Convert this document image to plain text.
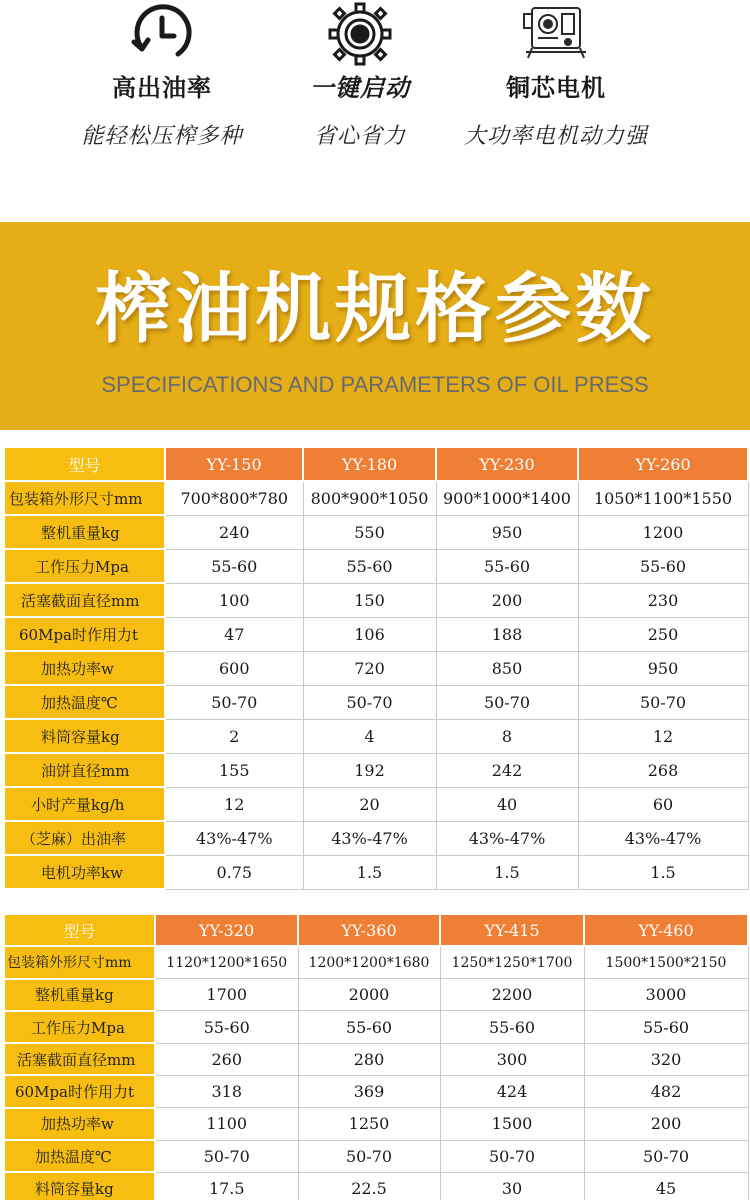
高出油率
能轻松压榨多种
一键启动
省心省力
铜芯电机
大功率电机动力强
榨油机规格参数
SPECIFICATIONS AND PARAMETERS OF OIL PRESS
型号	YY-150	YY-180	YY-230	YY-260
包装箱外形尺寸mm	700*800*780	800*900*1050	900*1000*1400	1050*1100*1550
整机重量kg	240	550	950	1200
工作压力Mpa	55-60	55-60	55-60	55-60
活塞截面直径mm	100	150	200	230
60Mpa时作用力t	47	106	188	250
加热功率w	600	720	850	950
加热温度℃	50-70	50-70	50-70	50-70
料筒容量kg	2	4	8	12
油饼直径mm	155	192	242	268
小时产量kg/h	12	20	40	60
（芝麻）出油率	43%-47%	43%-47%	43%-47%	43%-47%
电机功率kw	0.75	1.5	1.5	1.5
型号	YY-320	YY-360	YY-415	YY-460
包装箱外形尺寸mm	1120*1200*1650	1200*1200*1680	1250*1250*1700	1500*1500*2150
整机重量kg	1700	2000	2200	3000
工作压力Mpa	55-60	55-60	55-60	55-60
活塞截面直径mm	260	280	300	320
60Mpa时作用力t	318	369	424	482
加热功率w	1100	1250	1500	200
加热温度℃	50-70	50-70	50-70	50-70
料筒容量kg	17.5	22.5	30	45
